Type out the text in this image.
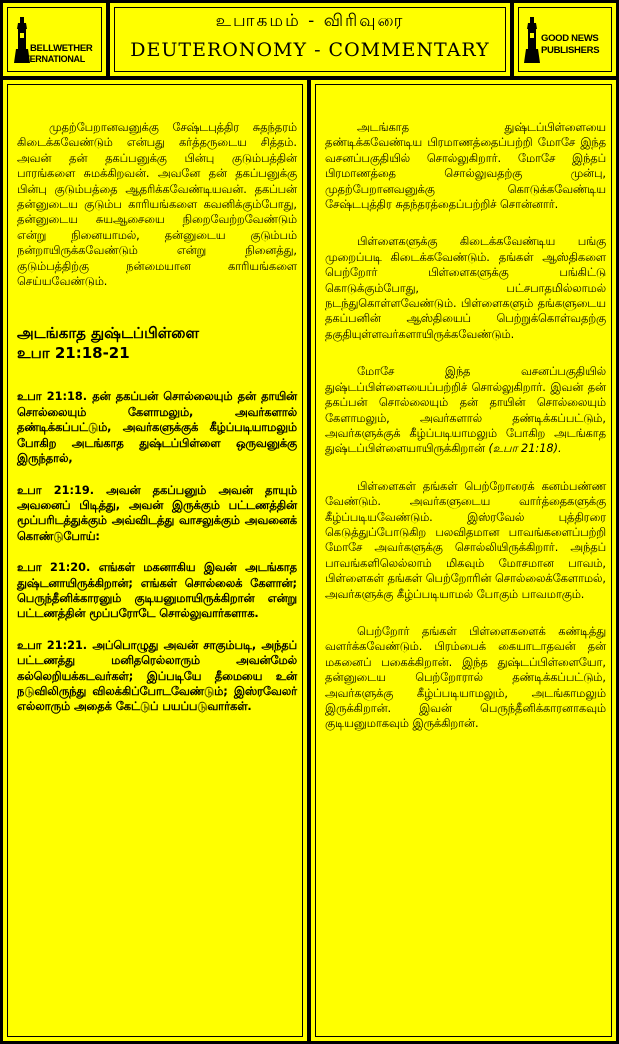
BELLWETHER
INTERNATIONAL
உபாகமம் - விரிவுரை
DEUTERONOMY - COMMENTARY
GOOD NEWS
PUBLISHERS

முதற்பேறானவனுக்கு சேஷ்டபுத்திர சுதந்தரம் கிடைக்கவேண்டும் என்பது கர்த்தருடைய சித்தம். அவன் தன் தகப்பனுக்கு பின்பு குடும்பத்தின் பாரங்களை சுமக்கிறவன். அவனே தன் தகப்பனுக்கு பின்பு குடும்பத்தை ஆதரிக்கவேண்டியவன். தகப்பன் தன்னுடைய குடும்ப காரியங்களை கவனிக்கும்போது, தன்னுடைய சுயஆசையை நிறைவேற்றவேண்டும் என்று நினையாமல், தன்னுடைய குடும்பம் நன்றாயிருக்கவேண்டும் என்று நினைத்து, குடும்பத்திற்கு நன்மையான காரியங்களை செய்யவேண்டும்.

அடங்காத துஷ்டப்பிள்ளை

உபா 21:18-21

உபா 21:18. தன் தகப்பன் சொல்லையும் தன் தாயின் சொல்லையும் கேளாமலும், அவர்களால் தண்டிக்கப்பட்டும், அவர்களுக்குக் கீழ்ப்படியாமலும் போகிற அடங்காத துஷ்டப்பிள்ளை ஒருவனுக்கு இருந்தால்,

உபா 21:19. அவன் தகப்பனும் அவன் தாயும் அவனைப் பிடித்து, அவன் இருக்கும் பட்டணத்தின் மூப்பரிடத்துக்கும் அவ்விடத்து வாசலுக்கும் அவனைக் கொண்டுபோய்:

உபா 21:20. எங்கள் மகனாகிய இவன் அடங்காத துஷ்டனாயிருக்கிறான்; எங்கள் சொல்லைக் கேளான்; பெருந்தீனிக்காரனும் குடியனுமாயிருக்கிறான் என்று பட்டணத்தின் மூப்பரோடே சொல்லுவார்களாக.

உபா 21:21. அப்பொழுது அவன் சாகும்படி, அந்தப் பட்டணத்து மனிதரெல்லாரும் அவன்மேல் கல்லெறியக்கடவர்கள்; இப்படியே தீமையை உன் நடுவிலிருந்து விலக்கிப்போடவேண்டும்; இஸ்ரவேலர் எல்லாரும் அதைக் கேட்டுப் பயப்படுவார்கள்.

அடங்காத துஷ்டப்பிள்ளையை தண்டிக்கவேண்டிய பிரமாணத்தைப்பற்றி மோசே இந்த வசனப்பகுதியில் சொல்லுகிறார். மோசே இந்தப் பிரமாணத்தை சொல்லுவதற்கு முன்பு, முதற்பேறானவனுக்கு கொடுக்கவேண்டிய சேஷ்டபுத்திர சுதந்தரத்தைப்பற்றிச் சொன்னார்.

பிள்ளைகளுக்கு கிடைக்கவேண்டிய பங்கு முறைப்படி கிடைக்கவேண்டும். தங்கள் ஆஸ்திகளை பெற்றோர் பிள்ளைகளுக்கு பங்கிட்டு கொடுக்கும்போது, பட்சபாதமில்லாமல் நடந்துகொள்ளவேண்டும். பிள்ளைகளும் தங்களுடைய தகப்பனின் ஆஸ்தியைப் பெற்றுக்கொள்வதற்கு தகுதியுள்ளவர்களாயிருக்கவேண்டும்.

மோசே இந்த வசனப்பகுதியில் துஷ்டப்பிள்ளையைப்பற்றிச் சொல்லுகிறார். இவன் தன் தகப்பன் சொல்லையும் தன் தாயின் சொல்லையும் கேளாமலும், அவர்களால் தண்டிக்கப்பட்டும், அவர்களுக்குக் கீழ்ப்படியாமலும் போகிற அடங்காத துஷ்டப்பிள்ளையாயிருக்கிறான் (உபா 21:18).

பிள்ளைகள் தங்கள் பெற்றோரைக் கனம்பண்ண வேண்டும். அவர்களுடைய வார்த்தைகளுக்கு கீழ்ப்படியவேண்டும். இஸ்ரவேல் புத்திரரை கெடுத்துப்போடுகிற பலவிதமான பாவங்களைப்பற்றி மோசே அவர்களுக்கு சொல்லியிருக்கிறார். அந்தப் பாவங்களிலெல்லாம் மிகவும் மோசமான பாவம், பிள்ளைகள் தங்கள் பெற்றோரின் சொல்லைக்கேளாமல், அவர்களுக்கு கீழ்ப்படியாமல் போகும் பாவமாகும்.

பெற்றோர் தங்கள் பிள்ளைகளைக் கண்டித்து வளர்க்கவேண்டும். பிரம்பைக் கையாடாதவன் தன் மகனைப் பகைக்கிறான். இந்த துஷ்டப்பிள்ளையோ, தன்னுடைய பெற்றோரால் தண்டிக்கப்பட்டும், அவர்களுக்கு கீழ்ப்படியாமலும், அடங்காமலும் இருக்கிறான். இவன் பெருந்தீனிக்காரனாகவும் குடியனுமாகவும் இருக்கிறான்.
